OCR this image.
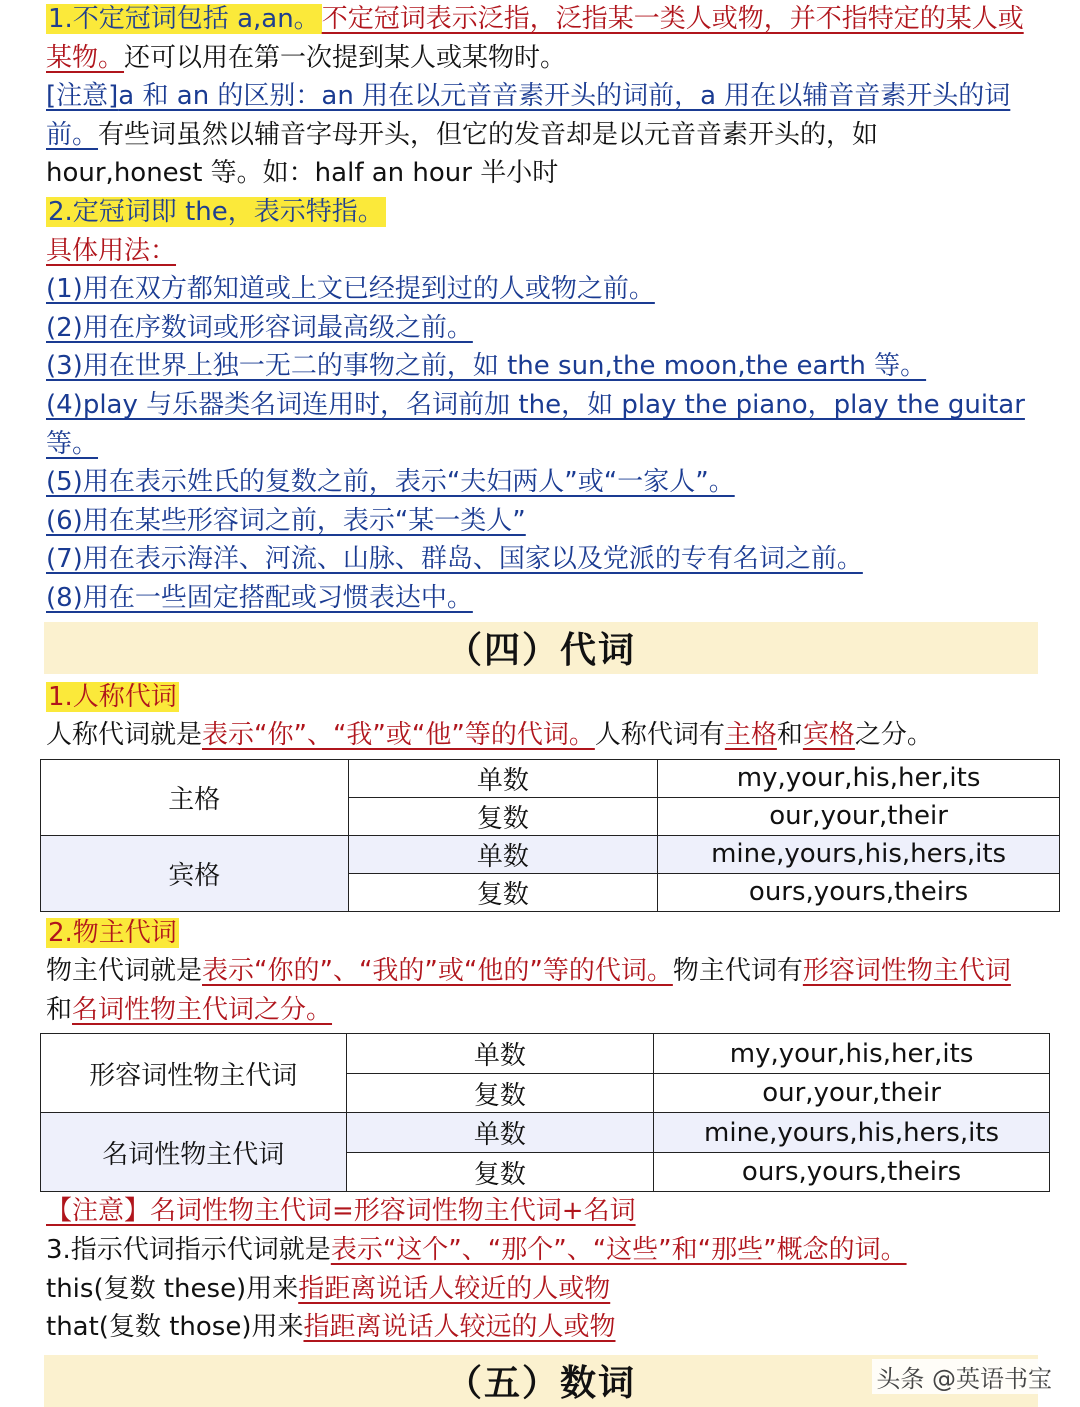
1.不定冠词包括 a,an。不定冠词表示泛指，泛指某一类人或物，并不指特定的某人或某物。还可以用在第一次提到某人或某物时。
[注意]a 和 an 的区别：an 用在以元音音素开头的词前，a 用在以辅音音素开头的词前。有些词虽然以辅音字母开头，但它的发音却是以元音音素开头的，如 hour,honest 等。如：half an hour 半小时
2.定冠词即 the，表示特指。
具体用法：
(1)用在双方都知道或上文已经提到过的人或物之前。
(2)用在序数词或形容词最高级之前。
(3)用在世界上独一无二的事物之前，如 the sun,the moon,the earth 等。
(4)play 与乐器类名词连用时，名词前加 the，如 play the piano，play the guitar 等。
(5)用在表示姓氏的复数之前，表示“夫妇两人”或“一家人”。
(6)用在某些形容词之前，表示“某一类人”
(7)用在表示海洋、河流、山脉、群岛、国家以及党派的专有名词之前。
(8)用在一些固定搭配或习惯表达中。
（四）代词
1.人称代词
人称代词就是表示“你”、“我”或“他”等的代词。人称代词有主格和宾格之分。
主格	单数	my,your,his,her,its
	复数	our,your,their
宾格	单数	mine,yours,his,hers,its
	复数	ours,yours,theirs
2.物主代词
物主代词就是表示“你的”、“我的”或“他的”等的代词。物主代词有形容词性物主代词和名词性物主代词之分。
形容词性物主代词	单数	my,your,his,her,its
	复数	our,your,their
名词性物主代词	单数	mine,yours,his,hers,its
	复数	ours,yours,theirs
【注意】名词性物主代词=形容词性物主代词+名词
3.指示代词指示代词就是表示“这个”、“那个”、“这些”和“那些”概念的词。
this(复数 these)用来指距离说话人较近的人或物
that(复数 those)用来指距离说话人较远的人或物
（五）数词	头条 @英语书宝
